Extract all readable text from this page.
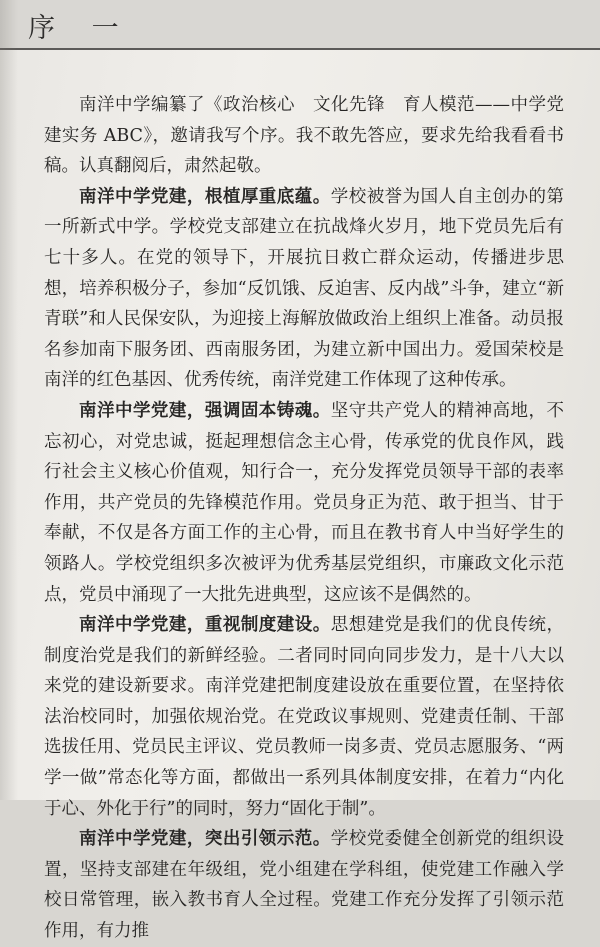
序 一

南洋中学编纂了《政治核心　文化先锋　育人模范——中学党建实务 ABC》，邀请我写个序。我不敢先答应，要求先给我看看书稿。认真翻阅后，肃然起敬。

南洋中学党建，根植厚重底蕴。学校被誉为国人自主创办的第一所新式中学。学校党支部建立在抗战烽火岁月，地下党员先后有七十多人。在党的领导下，开展抗日救亡群众运动，传播进步思想，培养积极分子，参加“反饥饿、反迫害、反内战”斗争，建立“新青联”和人民保安队，为迎接上海解放做政治上组织上准备。动员报名参加南下服务团、西南服务团，为建立新中国出力。爱国荣校是南洋的红色基因、优秀传统，南洋党建工作体现了这种传承。

南洋中学党建，强调固本铸魂。坚守共产党人的精神高地，不忘初心，对党忠诚，挺起理想信念主心骨，传承党的优良作风，践行社会主义核心价值观，知行合一，充分发挥党员领导干部的表率作用，共产党员的先锋模范作用。党员身正为范、敢于担当、甘于奉献，不仅是各方面工作的主心骨，而且在教书育人中当好学生的领路人。学校党组织多次被评为优秀基层党组织，市廉政文化示范点，党员中涌现了一大批先进典型，这应该不是偶然的。

南洋中学党建，重视制度建设。思想建党是我们的优良传统，制度治党是我们的新鲜经验。二者同时同向同步发力，是十八大以来党的建设新要求。南洋党建把制度建设放在重要位置，在坚持依法治校同时，加强依规治党。在党政议事规则、党建责任制、干部选拔任用、党员民主评议、党员教师一岗多责、党员志愿服务、“两学一做”常态化等方面，都做出一系列具体制度安排，在着力“内化于心、外化于行”的同时，努力“固化于制”。

南洋中学党建，突出引领示范。学校党委健全创新党的组织设置，坚持支部建在年级组，党小组建在学科组，使党建工作融入学校日常管理，嵌入教书育人全过程。党建工作充分发挥了引领示范作用，有力推
